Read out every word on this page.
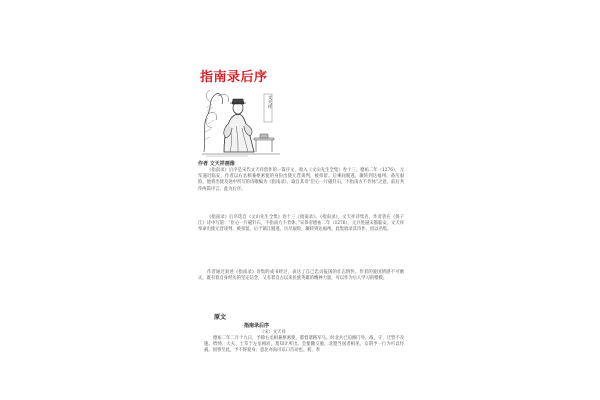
指南录后序
文天祥
作者 文天祥画像

《指南录》后序是宋代文天祥创作的一篇序文，收入《文山先生全集》卷十三。德祐二年（1276），元军逼近临安，作者以右丞相兼枢密使的身份出使元营谈判，被扣留。后乘间脱逃，辗转到达福州，备历艰险。他将出使及途中所写的诗歌编为《指南录》，取自其诗“臣心一片磁针石，不指南方不肯休”之意，前后共作两篇序言，此为后序。

《指南录》后序选自《文山先生全集》卷十三《指南录》。《指南录》，文天祥诗集名。作者曾在《扬子江》诗中写道：“臣心一片磁针石，不指南方不肯休。”宋恭帝德祐二年（1276），元兵进逼宋都临安，文天祥奉命出使元营谈判，被扣留。后于镇江脱逃，历尽艰险，辗转到达福州。此集收录其诗作，因以名集。

作者通过叙述《指南录》诗集的成书经过，表达了自己忠贞报国的壮志情怀。作者的爱国情感不可磨灭，既有着自身经历的坚定信念，又有着自古以来民族英雄的精神力量，可以作为后人学习的楷模。

原文
指南录后序
（宋）文天祥

德祐二年二月十九日，予除右丞相兼枢密使，都督诸路军马。时北兵已迫修门外，战、守、迁皆不及施。缙绅、大夫、士萃于左丞相府，莫知计所出。会使辙交驰，北邀当国者相见，众谓予一行为可以纾祸。国事至此，予不得爱身；意北亦尚可以口舌动也。初，奉
